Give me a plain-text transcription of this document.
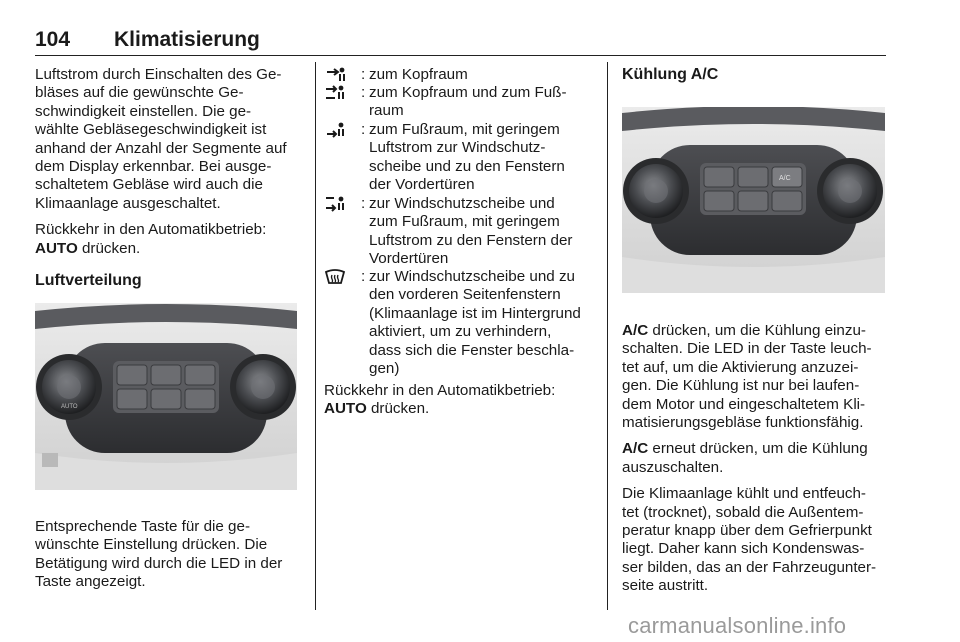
104 Klimatisierung

Luftstrom durch Einschalten des Ge-
bläses auf die gewünschte Ge-
schwindigkeit einstellen. Die ge-
wählte Gebläsegeschwindigkeit ist
anhand der Anzahl der Segmente auf
dem Display erkennbar. Bei ausge-
schaltetem Gebläse wird auch die
Klimaanlage ausgeschaltet.

Rückkehr in den Automatikbetrieb:
AUTO drücken.

Luftverteilung
AUTO

Entsprechende Taste für die ge-
wünschte Einstellung drücken. Die
Betätigung wird durch die LED in der
Taste angezeigt.

: zum Kopfraum
: zum Kopfraum und zum Fuß-
raum
: zum Fußraum, mit geringem
Luftstrom zur Windschutz-
scheibe und zu den Fenstern
der Vordertüren
: zur Windschutzscheibe und
zum Fußraum, mit geringem
Luftstrom zu den Fenstern der
Vordertüren
: zur Windschutzscheibe und zu
den vorderen Seitenfenstern
(Klimaanlage ist im Hintergrund
aktiviert, um zu verhindern,
dass sich die Fenster beschla-
gen)

Rückkehr in den Automatikbetrieb:
AUTO drücken.

Kühlung A/C
A/C

A/C drücken, um die Kühlung einzu-
schalten. Die LED in der Taste leuch-
tet auf, um die Aktivierung anzuzei-
gen. Die Kühlung ist nur bei laufen-
dem Motor und eingeschaltetem Kli-
matisierungsgebläse funktionsfähig.

A/C erneut drücken, um die Kühlung
auszuschalten.

Die Klimaanlage kühlt und entfeuch-
tet (trocknet), sobald die Außentem-
peratur knapp über dem Gefrierpunkt
liegt. Daher kann sich Kondenswas-
ser bilden, das an der Fahrzeugunter-
seite austritt.

carmanualsonline.info
